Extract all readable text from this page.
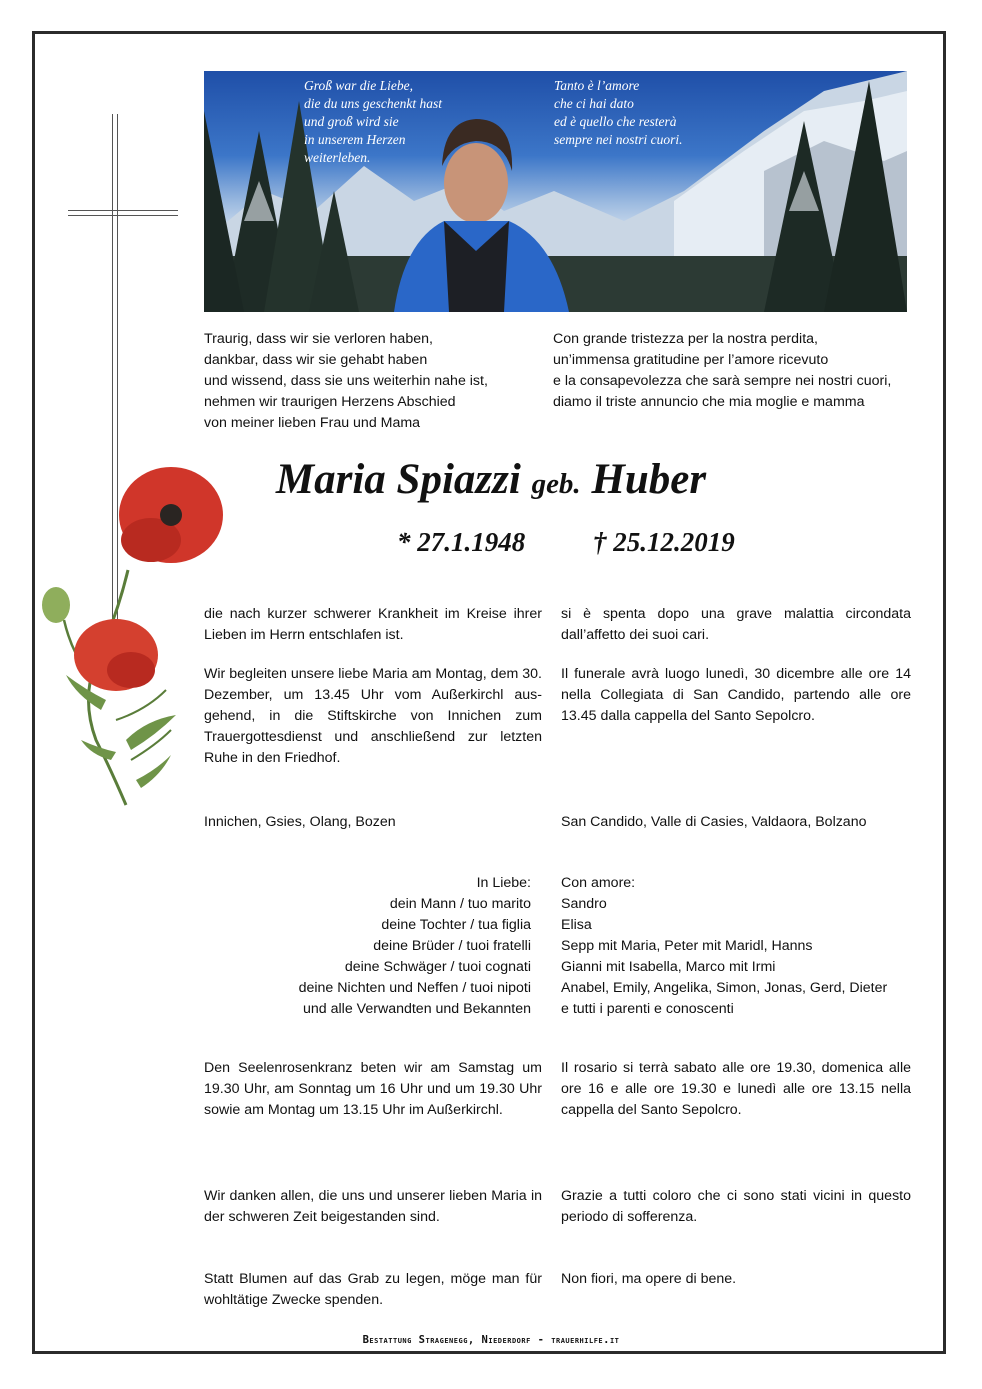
Groß war die Liebe,
die du uns geschenkt hast
und groß wird sie
in unserem Herzen
weiterleben.
Tanto è l’amore
che ci hai dato
ed è quello che resterà
sempre nei nostri cuori.
Traurig, dass wir sie verloren haben,
dankbar, dass wir sie gehabt haben
und wissend, dass sie uns weiterhin nahe ist,
nehmen wir traurigen Herzens Abschied
von meiner lieben Frau und Mama
Con grande tristezza per la nostra perdita,
un’immensa gratitudine per l’amore ricevuto
e la consapevolezza che sarà sempre nei nostri cuori,
diamo il triste annuncio che mia moglie e mamma
Maria Spiazzi geb. Huber
* 27.1.1948	† 25.12.2019
die nach kurzer schwerer Krankheit im Kreise ihrer Lieben im Herrn entschlafen ist.
si è spenta dopo una grave malattia circondata dall’affetto dei suoi cari.
Wir begleiten unsere liebe Maria am Montag, dem 30. Dezember, um 13.45 Uhr vom Außerkirchl aus-gehend, in die Stiftskirche von Innichen zum Trauergottesdienst und anschließend zur letzten Ruhe in den Friedhof.
Il funerale avrà luogo lunedì, 30 dicembre alle ore 14 nella Collegiata di San Candido, partendo alle ore 13.45 dalla cappella del Santo Sepolcro.
Innichen, Gsies, Olang, Bozen	San Candido, Valle di Casies, Valdaora, Bolzano
In Liebe:
dein Mann / tuo marito
deine Tochter / tua figlia
deine Brüder / tuoi fratelli
deine Schwäger / tuoi cognati
deine Nichten und Neffen / tuoi nipoti
und alle Verwandten und Bekannten
Con amore:
Sandro
Elisa
Sepp mit Maria, Peter mit Maridl, Hanns
Gianni mit Isabella, Marco mit Irmi
Anabel, Emily, Angelika, Simon, Jonas, Gerd, Dieter
e tutti i parenti e conoscenti
Den Seelenrosenkranz beten wir am Samstag um 19.30 Uhr, am Sonntag um 16 Uhr und um 19.30 Uhr sowie am Montag um 13.15 Uhr im Außerkirchl.
Il rosario si terrà sabato alle ore 19.30, domenica alle ore 16 e alle ore 19.30 e lunedì alle ore 13.15 nella cappella del Santo Sepolcro.
Wir danken allen, die uns und unserer lieben Maria in der schweren Zeit beigestanden sind.
Grazie a tutti coloro che ci sono stati vicini in questo periodo di sofferenza.
Statt Blumen auf das Grab zu legen, möge man für wohltätige Zwecke spenden.
Non fiori, ma opere di bene.
Bestattung Stragenegg, Niederdorf - trauerhilfe.it
